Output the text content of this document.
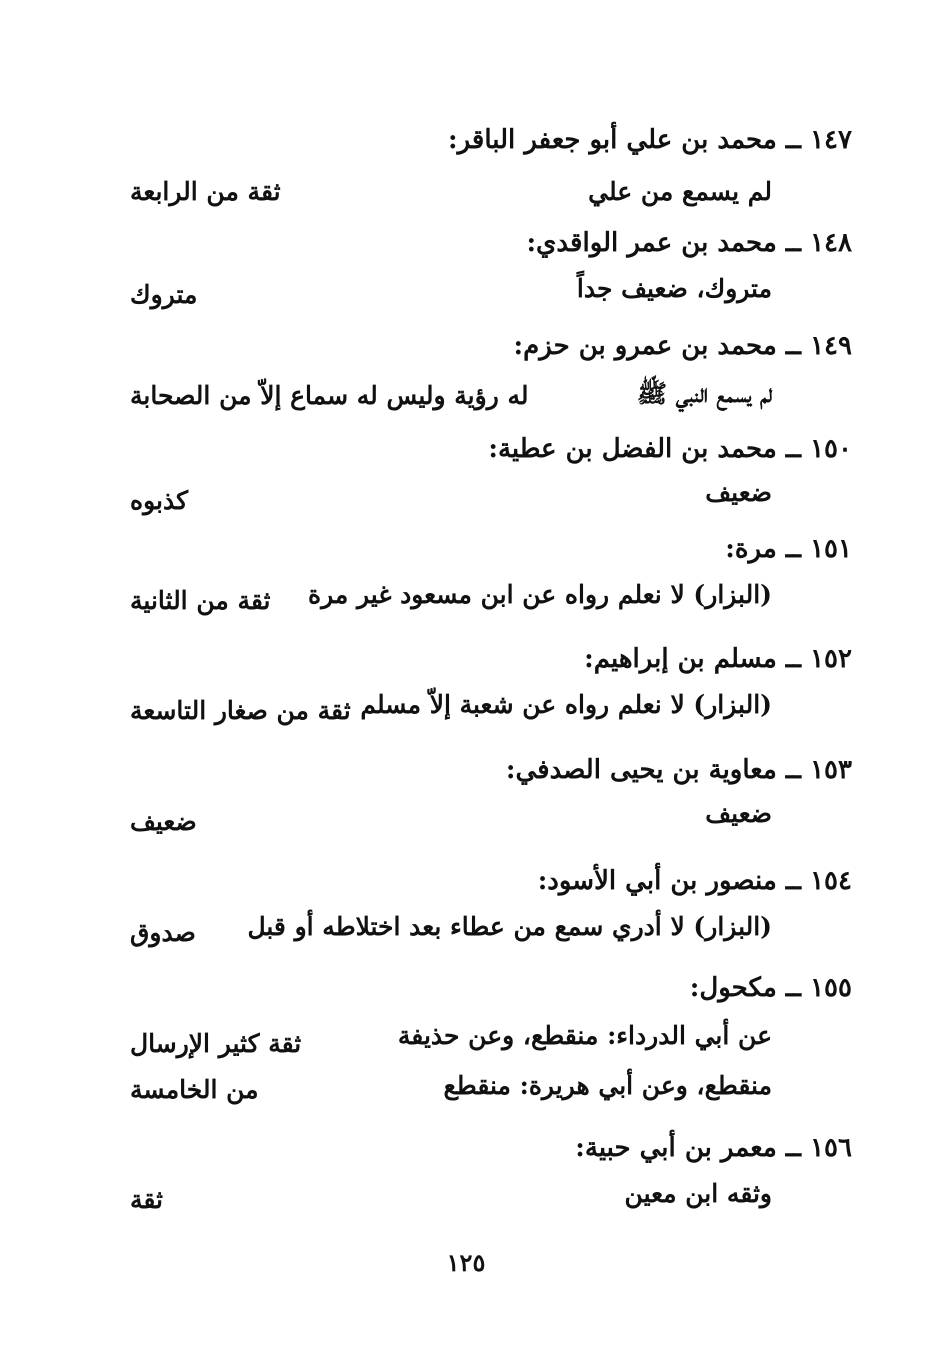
١٤٧ ــ محمد بن علي أبو جعفر الباقر:
لم يسمع من علي
ثقة من الرابعة
١٤٨ ــ محمد بن عمر الواقدي:
متروك، ضعيف جداً
متروك
١٤٩ ــ محمد بن عمرو بن حزم:
لم يسمع النبي ﷺ
له رؤية وليس له سماع إلاّ من الصحابة
١٥٠ ــ محمد بن الفضل بن عطية:
ضعيف
كذبوه
١٥١ ــ مرة:
(البزار) لا نعلم رواه عن ابن مسعود غير مرة
ثقة من الثانية
١٥٢ ــ مسلم بن إبراهيم:
(البزار) لا نعلم رواه عن شعبة إلاّ مسلم
ثقة من صغار التاسعة
١٥٣ ــ معاوية بن يحيى الصدفي:
ضعيف
ضعيف
١٥٤ ــ منصور بن أبي الأسود:
(البزار) لا أدري سمع من عطاء بعد اختلاطه أو قبل
صدوق
١٥٥ ــ مكحول:
عن أبي الدرداء: منقطع، وعن حذيفة
منقطع، وعن أبي هريرة: منقطع
ثقة كثير الإرسال
من الخامسة
١٥٦ ــ معمر بن أبي حبية:
وثقه ابن معين
ثقة
١٢٥
